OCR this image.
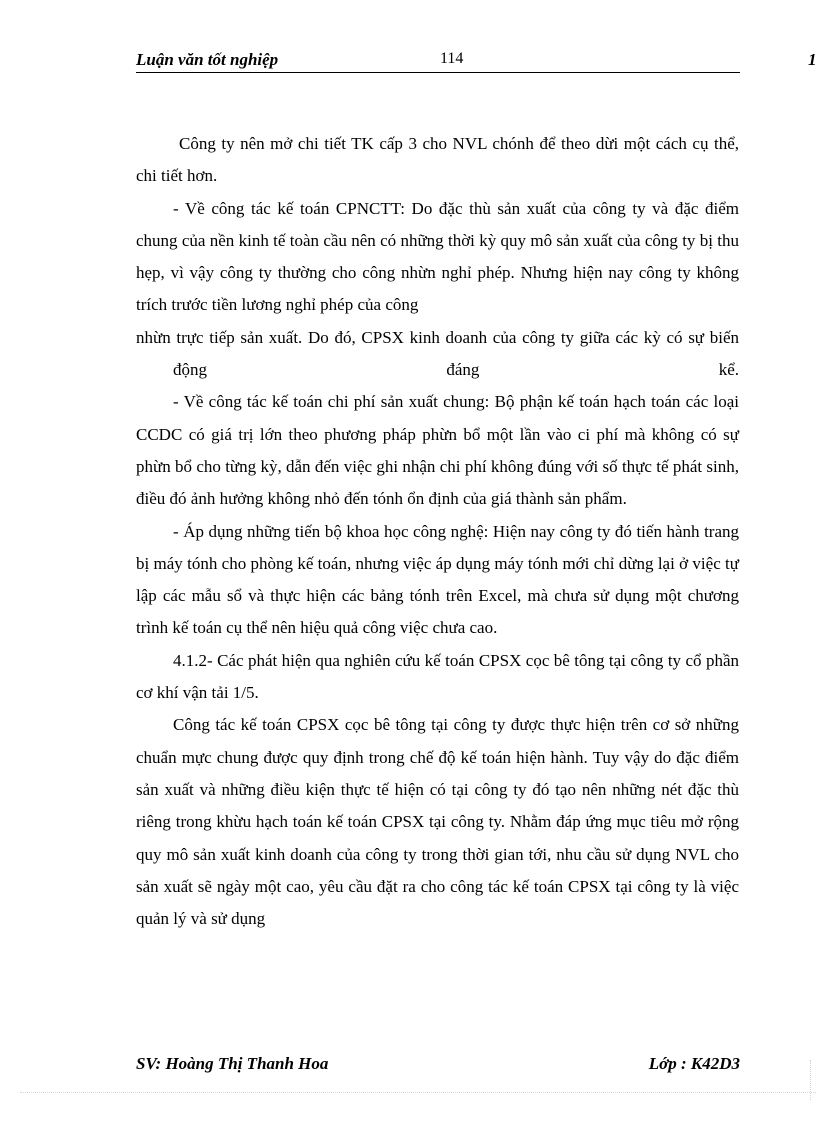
Luận văn tốt nghiệp	114	1

Công ty nên mở chi tiết TK cấp 3 cho NVL chónh để theo dừi một cách cụ thể, chi tiết hơn.

- Về công tác kế toán CPNCTT: Do đặc thù sản xuất của công ty và đặc điểm chung của nền kinh tế toàn cầu nên có những thời kỳ quy mô sản xuất của công ty bị thu hẹp, vì vậy công ty thường cho công nhừn nghỉ phép. Nhưng hiện nay công ty không trích trước tiền lương nghỉ phép của công

nhừn trực tiếp sản xuất. Do đó, CPSX kinh doanh của công ty giữa các kỳ có sự biến động đáng kể.

- Về công tác kế toán chi phí sản xuất chung: Bộ phận kế toán hạch toán các loại CCDC có giá trị lớn theo phương pháp phừn bổ một lần vào ci phí mà không có sự phừn bổ cho từng kỳ, dẫn đến việc ghi nhận chi phí không đúng với số thực tế phát sinh, điều đó ảnh hưởng không nhỏ đến tónh ổn định của giá thành sản phẩm.

- Áp dụng những tiến bộ khoa học công nghệ: Hiện nay công ty đó tiến hành trang bị máy tónh cho phòng kế toán, nhưng việc áp dụng máy tónh mới chỉ dừng lại ở việc tự lập các mẫu sổ và thực hiện các bảng tónh trên Excel, mà chưa sử dụng một chương trình kế toán cụ thể nên hiệu quả công việc chưa cao.

4.1.2- Các phát hiện qua nghiên cứu kế toán CPSX cọc bê tông tại công ty cổ phần cơ khí vận tải 1/5.

Công tác kế toán CPSX cọc bê tông tại công ty được thực hiện trên cơ sở những chuẩn mực chung được quy định trong chế độ kế toán hiện hành. Tuy vậy do đặc điểm sản xuất và những điều kiện thực tế hiện có tại công ty đó tạo nên những nét đặc thù riêng trong khừu hạch toán kế toán CPSX tại công ty. Nhằm đáp ứng mục tiêu mở rộng quy mô sản xuất kinh doanh của công ty trong thời gian tới, nhu cầu sử dụng NVL cho sản xuất sẽ ngày một cao, yêu cầu đặt ra cho công tác kế toán CPSX tại công ty là việc quản lý và sử dụng

SV: Hoàng Thị Thanh Hoa	Lớp : K42D3
